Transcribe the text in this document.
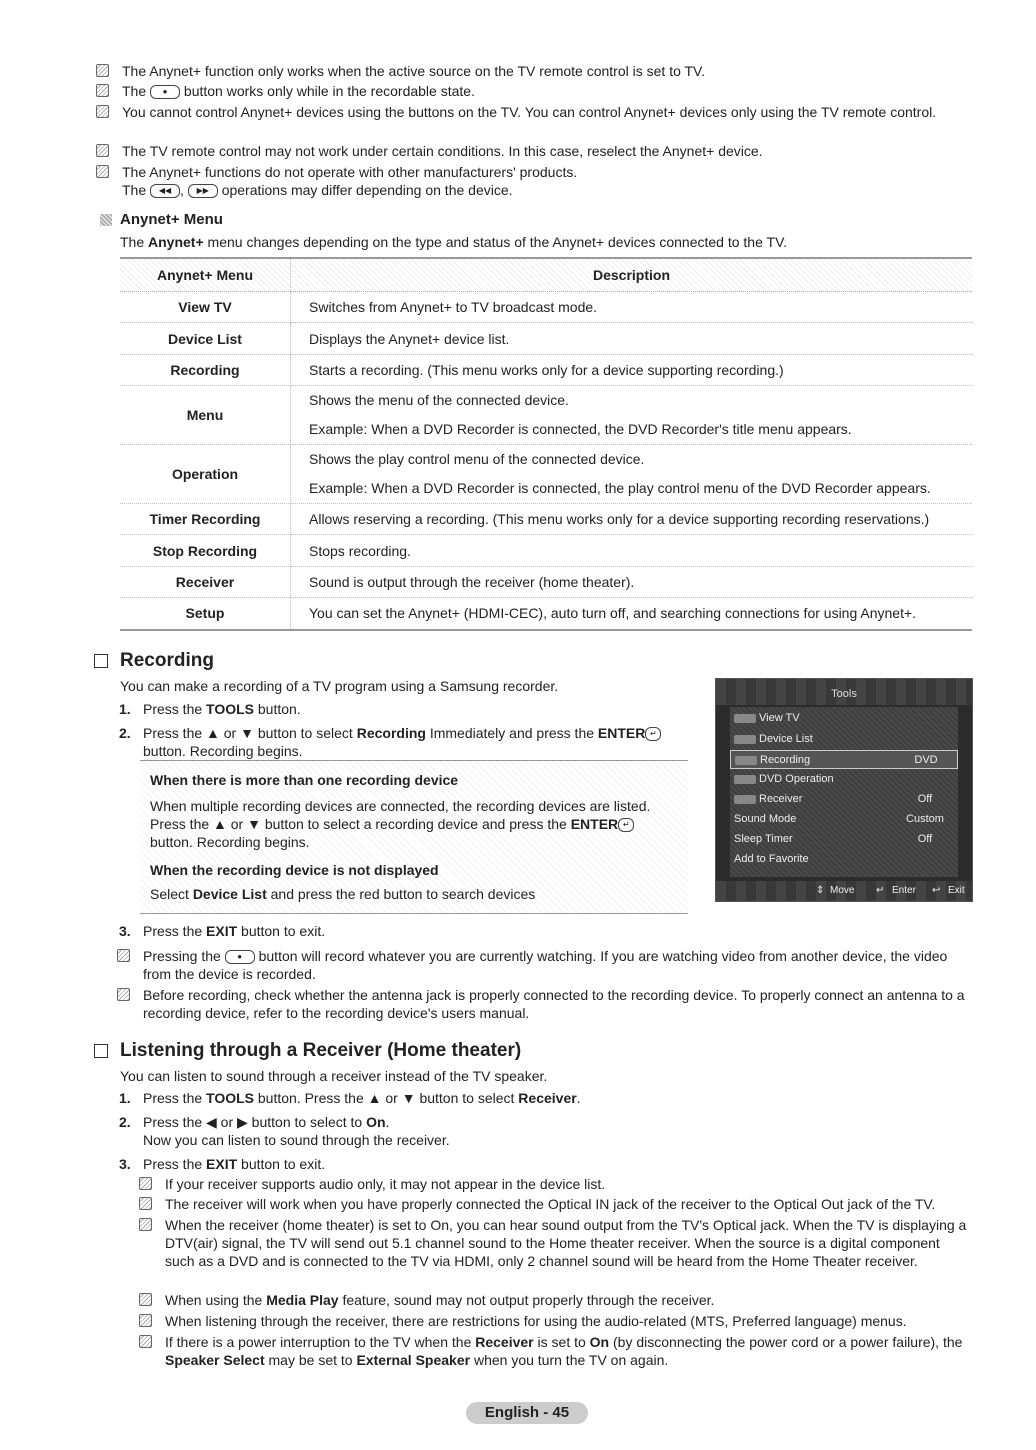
The Anynet+ function only works when the active source on the TV remote control is set to TV.
The ● button works only while in the recordable state.
You cannot control Anynet+ devices using the buttons on the TV. You can control Anynet+ devices only using the TV remote control.
The TV remote control may not work under certain conditions. In this case, reselect the Anynet+ device.
The Anynet+ functions do not operate with other manufacturers' products.
The ◀◀ , ▶▶ operations may differ depending on the device.
Anynet+ Menu
The Anynet+ menu changes depending on the type and status of the Anynet+ devices connected to the TV.
Anynet+ Menu	Description
View TV	Switches from Anynet+ to TV broadcast mode.
Device List	Displays the Anynet+ device list.
Recording	Starts a recording. (This menu works only for a device supporting recording.)
Menu	Shows the menu of the connected device.
Example: When a DVD Recorder is connected, the DVD Recorder's title menu appears.

Operation	Shows the play control menu of the connected device.
Example: When a DVD Recorder is connected, the play control menu of the DVD Recorder appears.

Timer Recording	Allows reserving a recording. (This menu works only for a device supporting recording reservations.)
Stop Recording	Stops recording.
Receiver	Sound is output through the receiver (home theater).
Setup	You can set the Anynet+ (HDMI-CEC), auto turn off, and searching connections for using Anynet+.
Recording
You can make a recording of a TV program using a Samsung recorder.
1. Press the TOOLS button.
2. Press the ▲ or ▼ button to select Recording Immediately and press the ENTER ↵ button. Recording begins.
When there is more than one recording device
When multiple recording devices are connected, the recording devices are listed.
Press the ▲ or ▼ button to select a recording device and press the ENTER ↵
button. Recording begins.
When the recording device is not displayed
Select Device List and press the red button to search devices
Tools
View TV
Device List
Recording	DVD
DVD Operation
Receiver	Off
Sound Mode	Custom
Sleep Timer	Off
Add to Favorite
⇕ Move ↵ Enter ↩ Exit
3. Press the EXIT button to exit.
Pressing the ● button will record whatever you are currently watching. If you are watching video from another device, the video from the device is recorded.
Before recording, check whether the antenna jack is properly connected to the recording device. To properly connect an antenna to a recording device, refer to the recording device's users manual.
Listening through a Receiver (Home theater)
You can listen to sound through a receiver instead of the TV speaker.
1. Press the TOOLS button. Press the ▲ or ▼ button to select Receiver.
2. Press the ◀ or ▶ button to select to On.
Now you can listen to sound through the receiver.
3. Press the EXIT button to exit.
If your receiver supports audio only, it may not appear in the device list.
The receiver will work when you have properly connected the Optical IN jack of the receiver to the Optical Out jack of the TV.
When the receiver (home theater) is set to On, you can hear sound output from the TV's Optical jack. When the TV is displaying a DTV(air) signal, the TV will send out 5.1 channel sound to the Home theater receiver. When the source is a digital component such as a DVD and is connected to the TV via HDMI, only 2 channel sound will be heard from the Home Theater receiver.
When using the Media Play feature, sound may not output properly through the receiver.
When listening through the receiver, there are restrictions for using the audio-related (MTS, Preferred language) menus.
If there is a power interruption to the TV when the Receiver is set to On (by disconnecting the power cord or a power failure), the Speaker Select may be set to External Speaker when you turn the TV on again.
English - 45
